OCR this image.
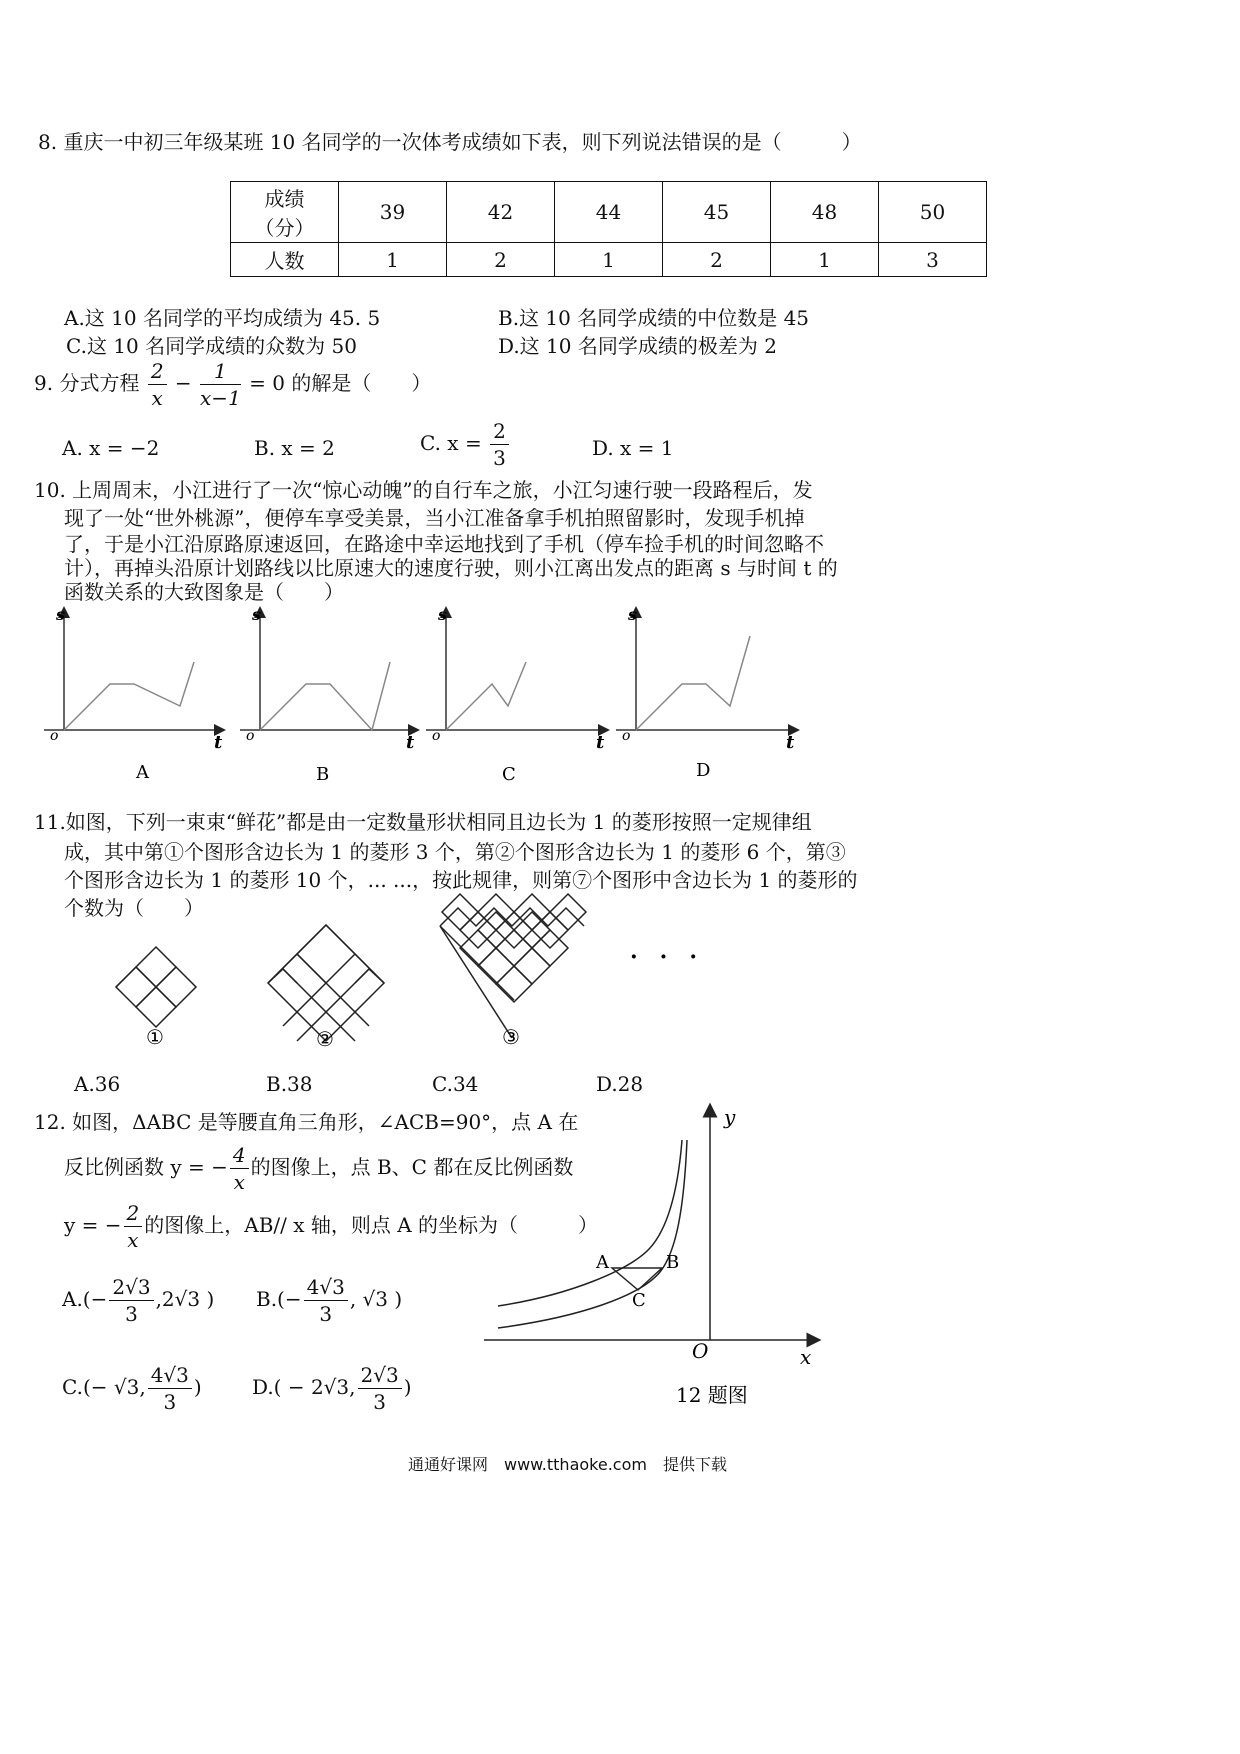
8. 重庆一中初三年级某班 10 名同学的一次体考成绩如下表，则下列说法错误的是（　　　）
成绩
（分）	39	42	44	45	48	50
人数	1	2	1	2	1	3
A.这 10 名同学的平均成绩为 45. 5	B.这 10 名同学成绩的中位数是 45
C.这 10 名同学成绩的众数为 50	D.这 10 名同学成绩的极差为 2
9. 分式方程 $\frac{2}{x} - \frac{1}{x-1} = 0$ 的解是（　　）
A. x = −2	B. x = 2	C. $x = \frac{2}{3}$	D. x = 1
10. 上周周末，小江进行了一次“惊心动魄”的自行车之旅，小江匀速行驶一段路程后，发
现了一处“世外桃源”，便停车享受美景，当小江准备拿手机拍照留影时，发现手机掉
了，于是小江沿原路原速返回，在路途中幸运地找到了手机（停车捡手机的时间忽略不
计），再掉头沿原计划路线以比原速大的速度行驶，则小江离出发点的距离 s 与时间 t 的
函数关系的大致图象是（　　）
s
t
o
A
s
t
o
B
s
t
o
C
s
t
o
D
11.如图，下列一束束“鲜花”都是由一定数量形状相同且边长为 1 的菱形按照一定规律组
成，其中第①个图形含边长为 1 的菱形 3 个，第②个图形含边长为 1 的菱形 6 个，第③
个图形含边长为 1 的菱形 10 个，... ...，按此规律，则第⑦个图形中含边长为 1 的菱形的
个数为（　　）
①	②	③
·　·　·
A.36	B.38	C.34	D.28
12. 如图，ΔABC 是等腰直角三角形，∠ACB=90°，点 A 在
反比例函数 y = − $\frac{4}{x}$ 的图像上，点 B、C 都在反比例函数
y = − $\frac{2}{x}$ 的图像上，AB// x 轴，则点 A 的坐标为（　　　）
$A.(- \frac{2√3}{3} ,2√3$ ) $B.(- \frac{4√3}{3}$ , √3 )
C.(− √3, $\frac{4√3}{3}$ )	D.( − 2√3, $\frac{2√3}{3}$ )
y
x
O
A	B
C
12 题图
通通好课网　www.tthaoke.com　提供下载
